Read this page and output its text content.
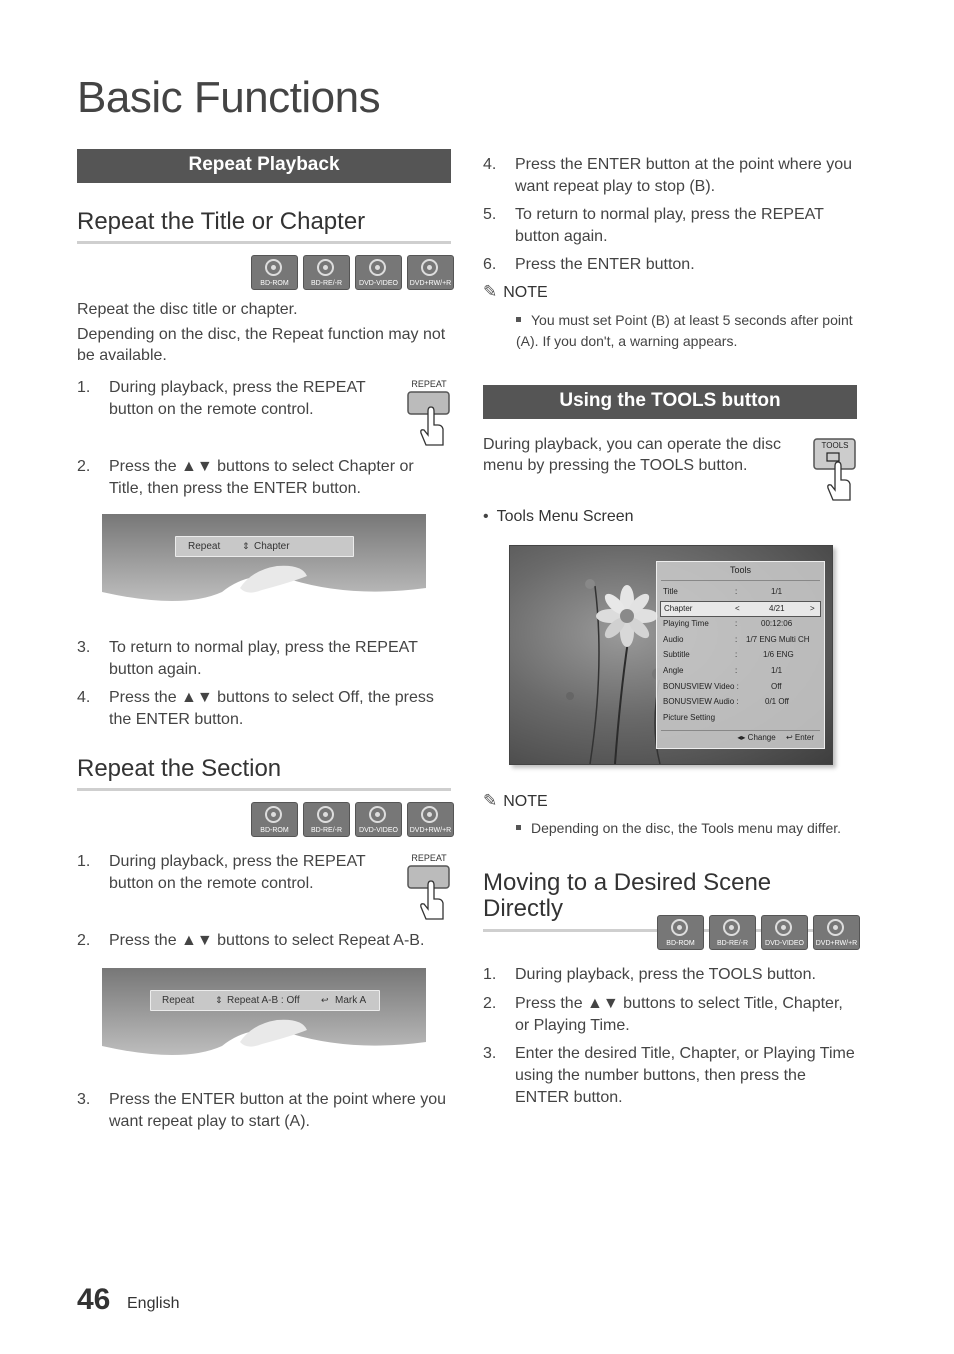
Basic Functions
Repeat Playback
Repeat the Title or Chapter
BD-ROM	BD-RE/-R	DVD-VIDEO	DVD+RW/+R
Repeat the disc title or chapter.
Depending on the disc, the Repeat function may not be available.
1. During playback, press the REPEAT button on the remote control.
REPEAT
2. Press the ▲▼ buttons to select Chapter or Title, then press the ENTER button.
Repeat ⇕ Chapter
3. To return to normal play, press the REPEAT button again.
4. Press the ▲▼ buttons to select Off, the press the ENTER button.
Repeat the Section
BD-ROM	BD-RE/-R	DVD-VIDEO	DVD+RW/+R
1. During playback, press the REPEAT button on the remote control.
REPEAT
2. Press the ▲▼ buttons to select Repeat A-B.
Repeat ⇕ Repeat A-B : Off ↩ Mark A
3. Press the ENTER button at the point where you want repeat play to start (A).
4. Press the ENTER button at the point where you want repeat play to stop (B).
5. To return to normal play, press the REPEAT button again.
6. Press the ENTER button.
✎ NOTE
You must set Point (B) at least 5 seconds after point (A). If you don't, a warning appears.
Using the TOOLS button
During playback, you can operate the disc menu by pressing the TOOLS button.
TOOLS
• Tools Menu Screen
Tools
Title	:	1/1
Chapter	<	4/21	>
Playing Time	:	00:12:06
Audio	: 1/7 ENG Multi CH
Subtitle	:	1/6 ENG
Angle	:	1/1
BONUSVIEW Video :	Off
BONUSVIEW Audio :	0/1 Off
Picture Setting
◂▸ Change ↩ Enter
✎ NOTE
Depending on the disc, the Tools menu may differ.
Moving to a Desired Scene Directly
BD-ROM	BD-RE/-R	DVD-VIDEO	DVD+RW/+R
1. During playback, press the TOOLS button.
2. Press the ▲▼ buttons to select Title, Chapter, or Playing Time.
3. Enter the desired Title, Chapter, or Playing Time using the number buttons, then press the ENTER button.
46 English
